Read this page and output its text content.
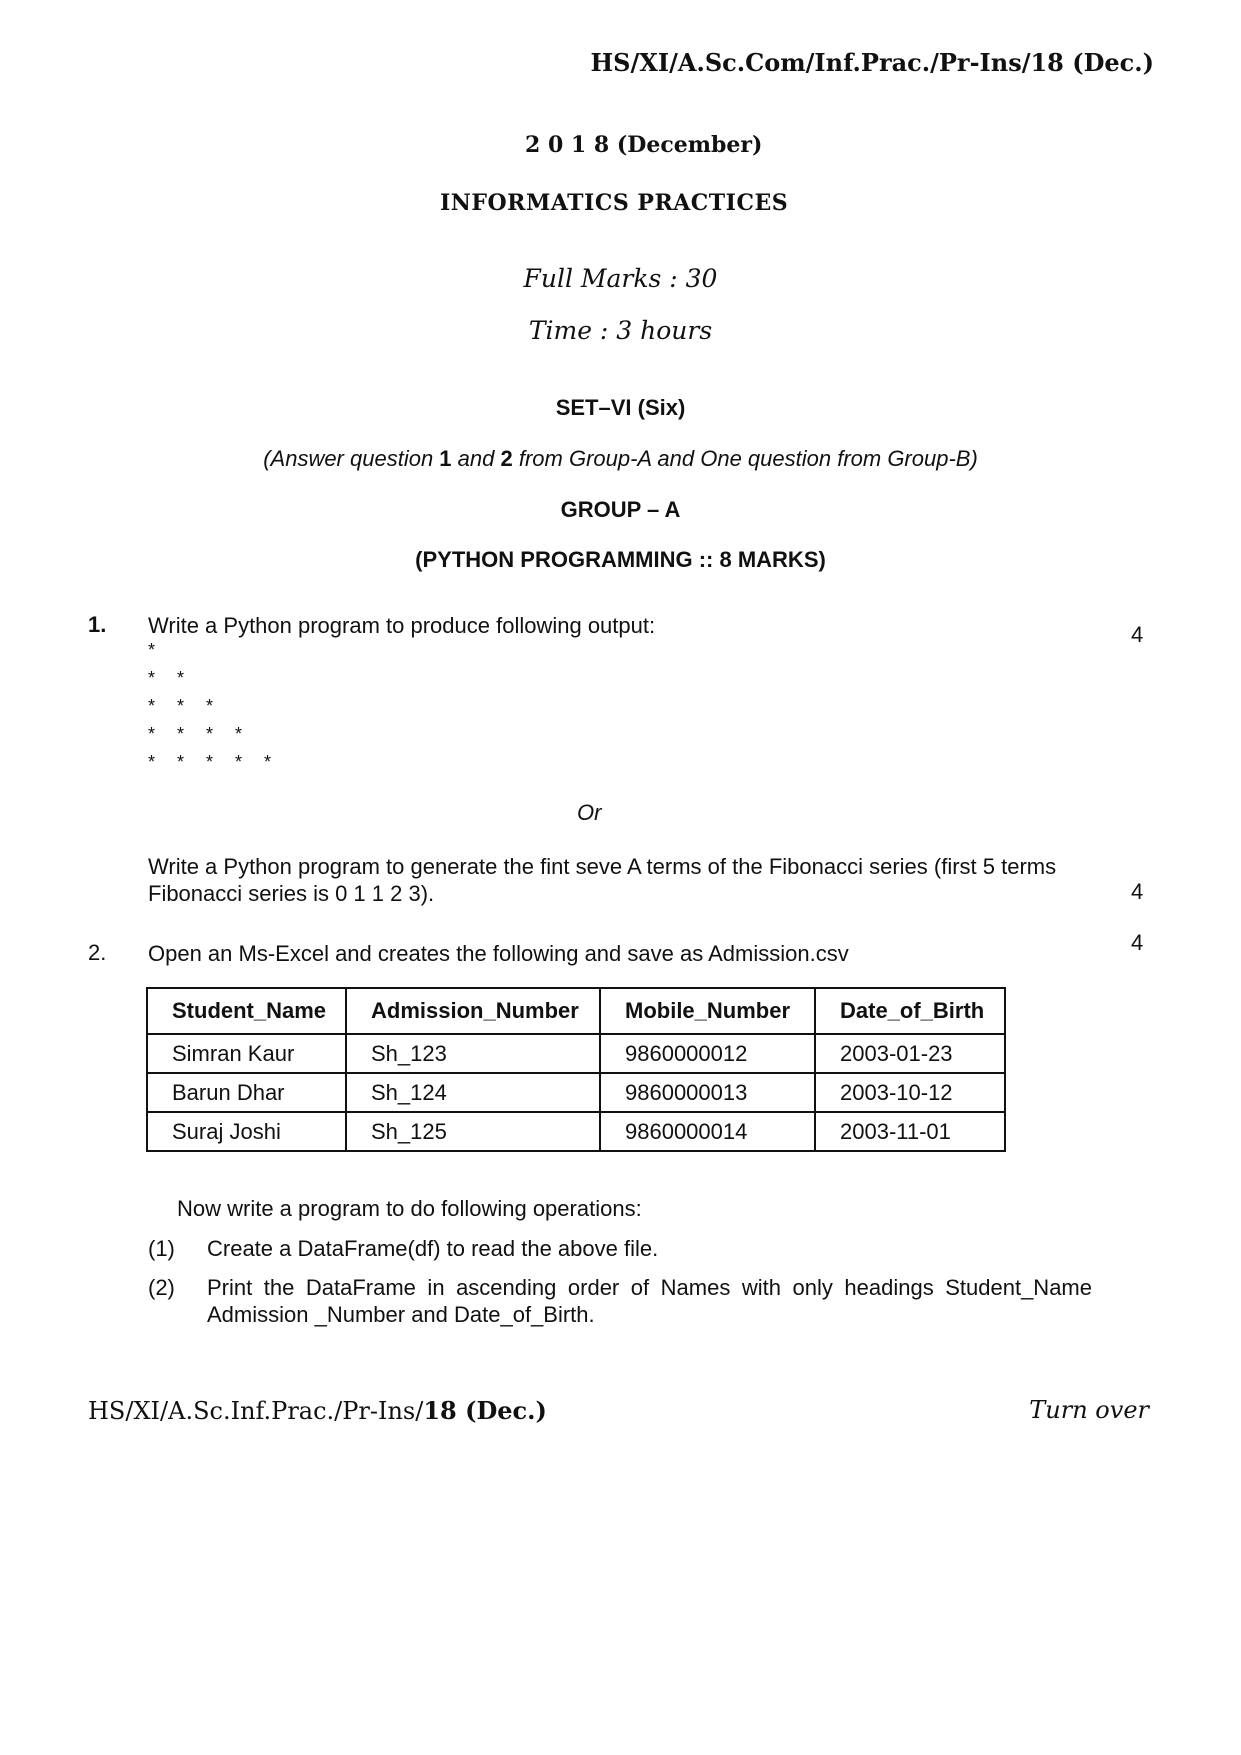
HS/XI/A.Sc.Com/Inf.Prac./Pr-Ins/18 (Dec.)
2 0 1 8 (December)
INFORMATICS PRACTICES
Full Marks : 30
Time : 3 hours
SET–VI (Six)
(Answer question 1 and 2 from Group-A and One question from Group-B)
GROUP – A
(PYTHON PROGRAMMING :: 8 MARKS)
1. Write a Python program to produce following output:	4
*
* *
* * *
* * * *
* * * * *
Or
Write a Python program to generate the fint seve A terms of the Fibonacci series (first 5 terms Fibonacci series is 0 1 1 2 3).	4
4
2. Open an Ms-Excel and creates the following and save as Admission.csv
Student_Name	Admission_Number	Mobile_Number	Date_of_Birth
Simran Kaur	Sh_123	9860000012	2003-01-23
Barun Dhar	Sh_124	9860000013	2003-10-12
Suraj Joshi	Sh_125	9860000014	2003-11-01
Now write a program to do following operations:
(1) Create a DataFrame(df) to read the above file.
(2) Print the DataFrame in ascending order of Names with only headings Student_Name Admission _Number and Date_of_Birth.
HS/XI/A.Sc.Inf.Prac./Pr-Ins/18 (Dec.)	Turn over
